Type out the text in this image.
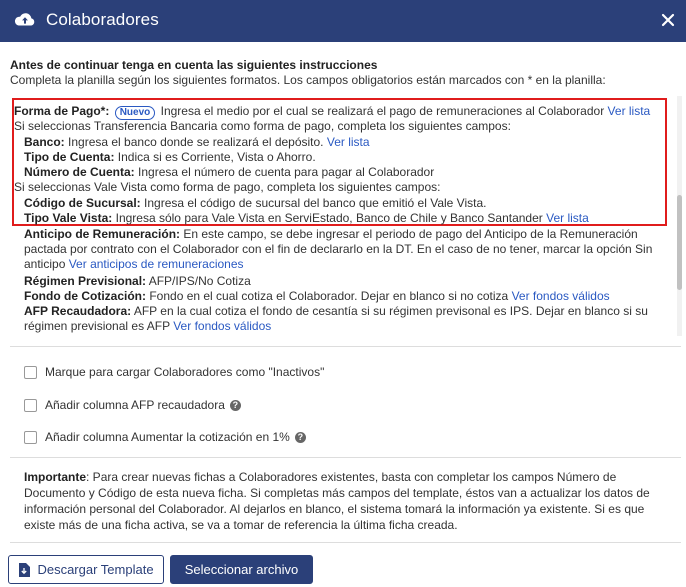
Colaboradores
Antes de continuar tenga en cuenta las siguientes instrucciones
Completa la planilla según los siguientes formatos. Los campos obligatorios están marcados con * en la planilla:
Forma de Pago*: Nuevo Ingresa el medio por el cual se realizará el pago de remuneraciones al Colaborador Ver lista
Si seleccionas Transferencia Bancaria como forma de pago, completa los siguientes campos:
Banco: Ingresa el banco donde se realizará el depósito. Ver lista
Tipo de Cuenta: Indica si es Corriente, Vista o Ahorro.
Número de Cuenta: Ingresa el número de cuenta para pagar al Colaborador
Si seleccionas Vale Vista como forma de pago, completa los siguientes campos:
Código de Sucursal: Ingresa el código de sucursal del banco que emitió el Vale Vista.
Tipo Vale Vista: Ingresa sólo para Vale Vista en ServiEstado, Banco de Chile y Banco Santander Ver lista
Anticipo de Remuneración: En este campo, se debe ingresar el periodo de pago del Anticipo de la Remuneración pactada por contrato con el Colaborador con el fin de declararlo en la DT. En el caso de no tener, marcar la opción Sin anticipo Ver anticipos de remuneraciones
Régimen Previsional: AFP/IPS/No Cotiza
Fondo de Cotización: Fondo en el cual cotiza el Colaborador. Dejar en blanco si no cotiza Ver fondos válidos
AFP Recaudadora: AFP en la cual cotiza el fondo de cesantía si su régimen previsonal es IPS. Dejar en blanco si su régimen previsional es AFP Ver fondos válidos
Marque para cargar Colaboradores como "Inactivos"
Añadir columna AFP recaudadora ?
Añadir columna Aumentar la cotización en 1% ?
Importante: Para crear nuevas fichas a Colaboradores existentes, basta con completar los campos Número de Documento y Código de esta nueva ficha. Si completas más campos del template, éstos van a actualizar los datos de información personal del Colaborador. Al dejarlos en blanco, el sistema tomará la información ya existente. Si es que existe más de una ficha activa, se va a tomar de referencia la última ficha creada.
Descargar Template Seleccionar archivo
